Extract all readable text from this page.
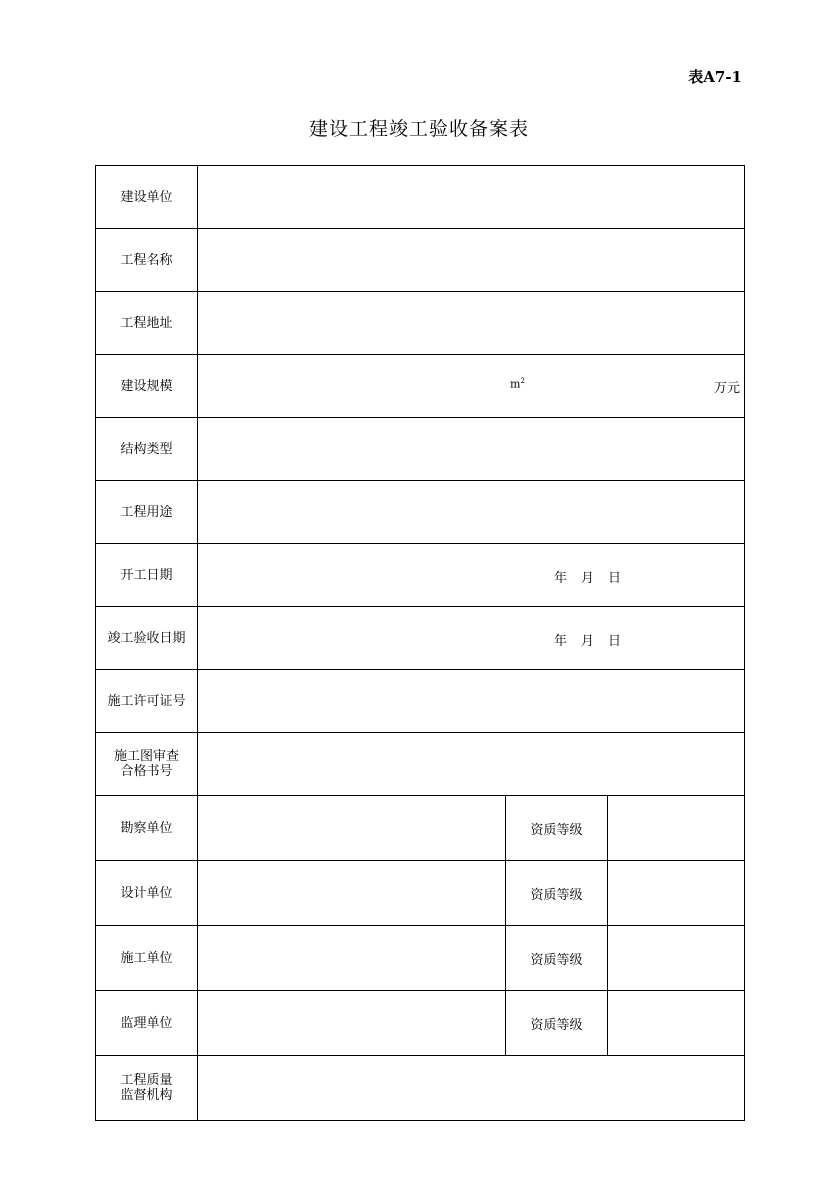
表A7-1
建设工程竣工验收备案表
建设单位			
工程名称			
工程地址			
建设规模	$m^2$ 万元		

结构类型			
工程用途			
开工日期	年 月 日		

竣工验收日期	年 月 日		

施工许可证号			

施工图审查
合格书号			

勘察单位		资质等级	
设计单位		资质等级	
施工单位		资质等级	
监理单位		资质等级	

工程质量
监督机构			
